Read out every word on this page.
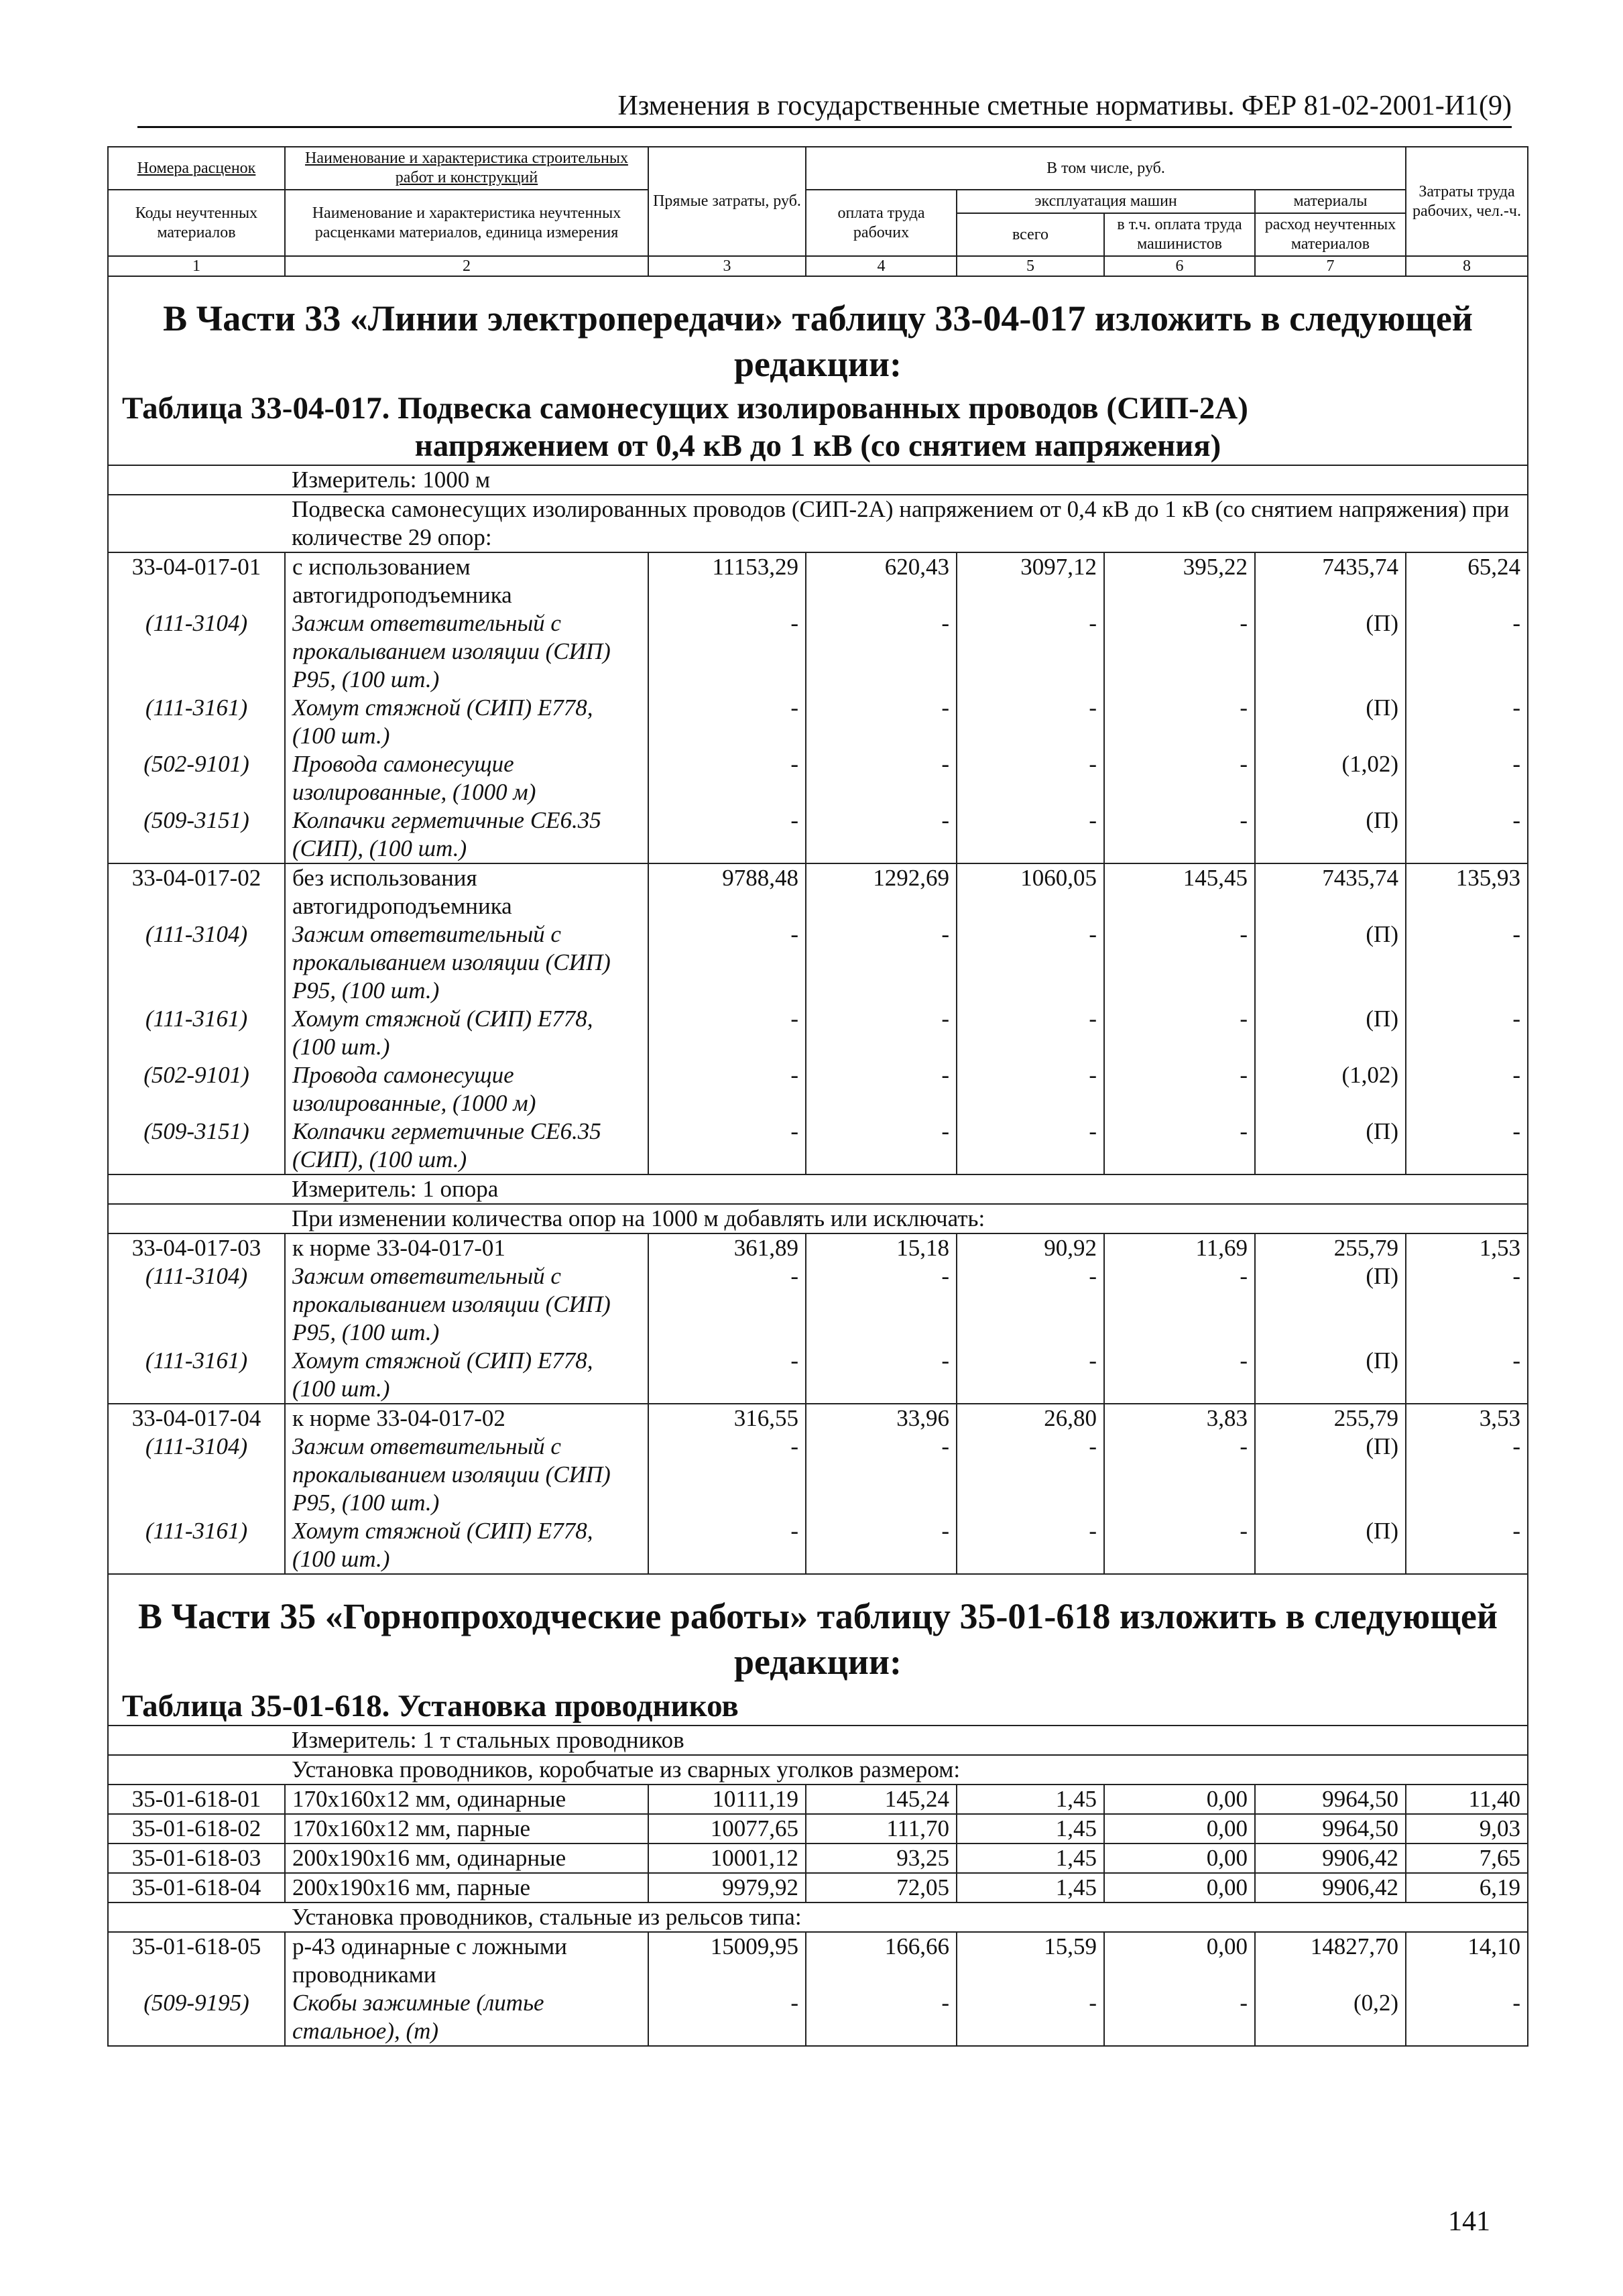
Изменения в государственные сметные нормативы. ФЕР 81-02-2001-И1(9)
Номера расценок	Наименование и характеристика строительных работ и конструкций	Прямые затраты, руб.	В том числе, руб.				Затраты труда рабочих, чел.-ч.
Коды неучтенных материалов	Наименование и характеристика неучтенных расценками материалов, единица измерения		оплата труда рабочих	эксплуатация машин		материалы	
				всего	в т.ч. оплата труда машинистов	расход неучтенных материалов	
1	2	3	4	5	6	7	8
В Части 33 «Линии электропередачи» таблицу 33-04-017 изложить в следующей редакции:							

Таблица 33-04-017. Подвеска самонесущих изолированных проводов (СИП-2А)
напряжением от 0,4 кВ до 1 кВ (со снятием напряжения)							

	Измеритель: 1000 м						
	Подвеска самонесущих изолированных проводов (СИП-2А) напряжением от 0,4 кВ до 1 кВ (со снятием напряжения) при количестве 29 опор:						
33-04-017-01	с использованием автогидроподъемника	11153,29	620,43	3097,12	395,22	7435,74	65,24
(111-3104)	Зажим ответвительный с прокалыванием изоляции (СИП) Р95, (100 шт.)	-	-	-	-	(П)	-
(111-3161)	Хомут стяжной (СИП) Е778, (100 шт.)	-	-	-	-	(П)	-
(502-9101)	Провода самонесущие изолированные, (1000 м)	-	-	-	-	(1,02)	-
(509-3151)	Колпачки герметичные СЕ6.35 (СИП), (100 шт.)	-	-	-	-	(П)	-
33-04-017-02	без использования автогидроподъемника	9788,48	1292,69	1060,05	145,45	7435,74	135,93
(111-3104)	Зажим ответвительный с прокалыванием изоляции (СИП) Р95, (100 шт.)	-	-	-	-	(П)	-
(111-3161)	Хомут стяжной (СИП) Е778, (100 шт.)	-	-	-	-	(П)	-
(502-9101)	Провода самонесущие изолированные, (1000 м)	-	-	-	-	(1,02)	-
(509-3151)	Колпачки герметичные СЕ6.35 (СИП), (100 шт.)	-	-	-	-	(П)	-
	Измеритель: 1 опора						
	При изменении количества опор на 1000 м добавлять или исключать:						
33-04-017-03	к норме 33-04-017-01	361,89	15,18	90,92	11,69	255,79	1,53
(111-3104)	Зажим ответвительный с прокалыванием изоляции (СИП) Р95, (100 шт.)	-	-	-	-	(П)	-
(111-3161)	Хомут стяжной (СИП) Е778, (100 шт.)	-	-	-	-	(П)	-
33-04-017-04	к норме 33-04-017-02	316,55	33,96	26,80	3,83	255,79	3,53
(111-3104)	Зажим ответвительный с прокалыванием изоляции (СИП) Р95, (100 шт.)	-	-	-	-	(П)	-
(111-3161)	Хомут стяжной (СИП) Е778, (100 шт.)	-	-	-	-	(П)	-
В Части 35 «Горнопроходческие работы» таблицу 35-01-618 изложить в следующей редакции:							

Таблица 35-01-618. Установка проводников							

	Измеритель: 1 т стальных проводников						
	Установка проводников, коробчатые из сварных уголков размером:						
35-01-618-01	170x160x12 мм, одинарные	10111,19	145,24	1,45	0,00	9964,50	11,40
35-01-618-02	170x160x12 мм, парные	10077,65	111,70	1,45	0,00	9964,50	9,03
35-01-618-03	200x190x16 мм, одинарные	10001,12	93,25	1,45	0,00	9906,42	7,65
35-01-618-04	200x190x16 мм, парные	9979,92	72,05	1,45	0,00	9906,42	6,19
	Установка проводников, стальные из рельсов типа:						
35-01-618-05	р-43 одинарные с ложными проводниками	15009,95	166,66	15,59	0,00	14827,70	14,10
(509-9195)	Скобы зажимные (литье стальное), (т)	-	-	-	-	(0,2)	-
141
